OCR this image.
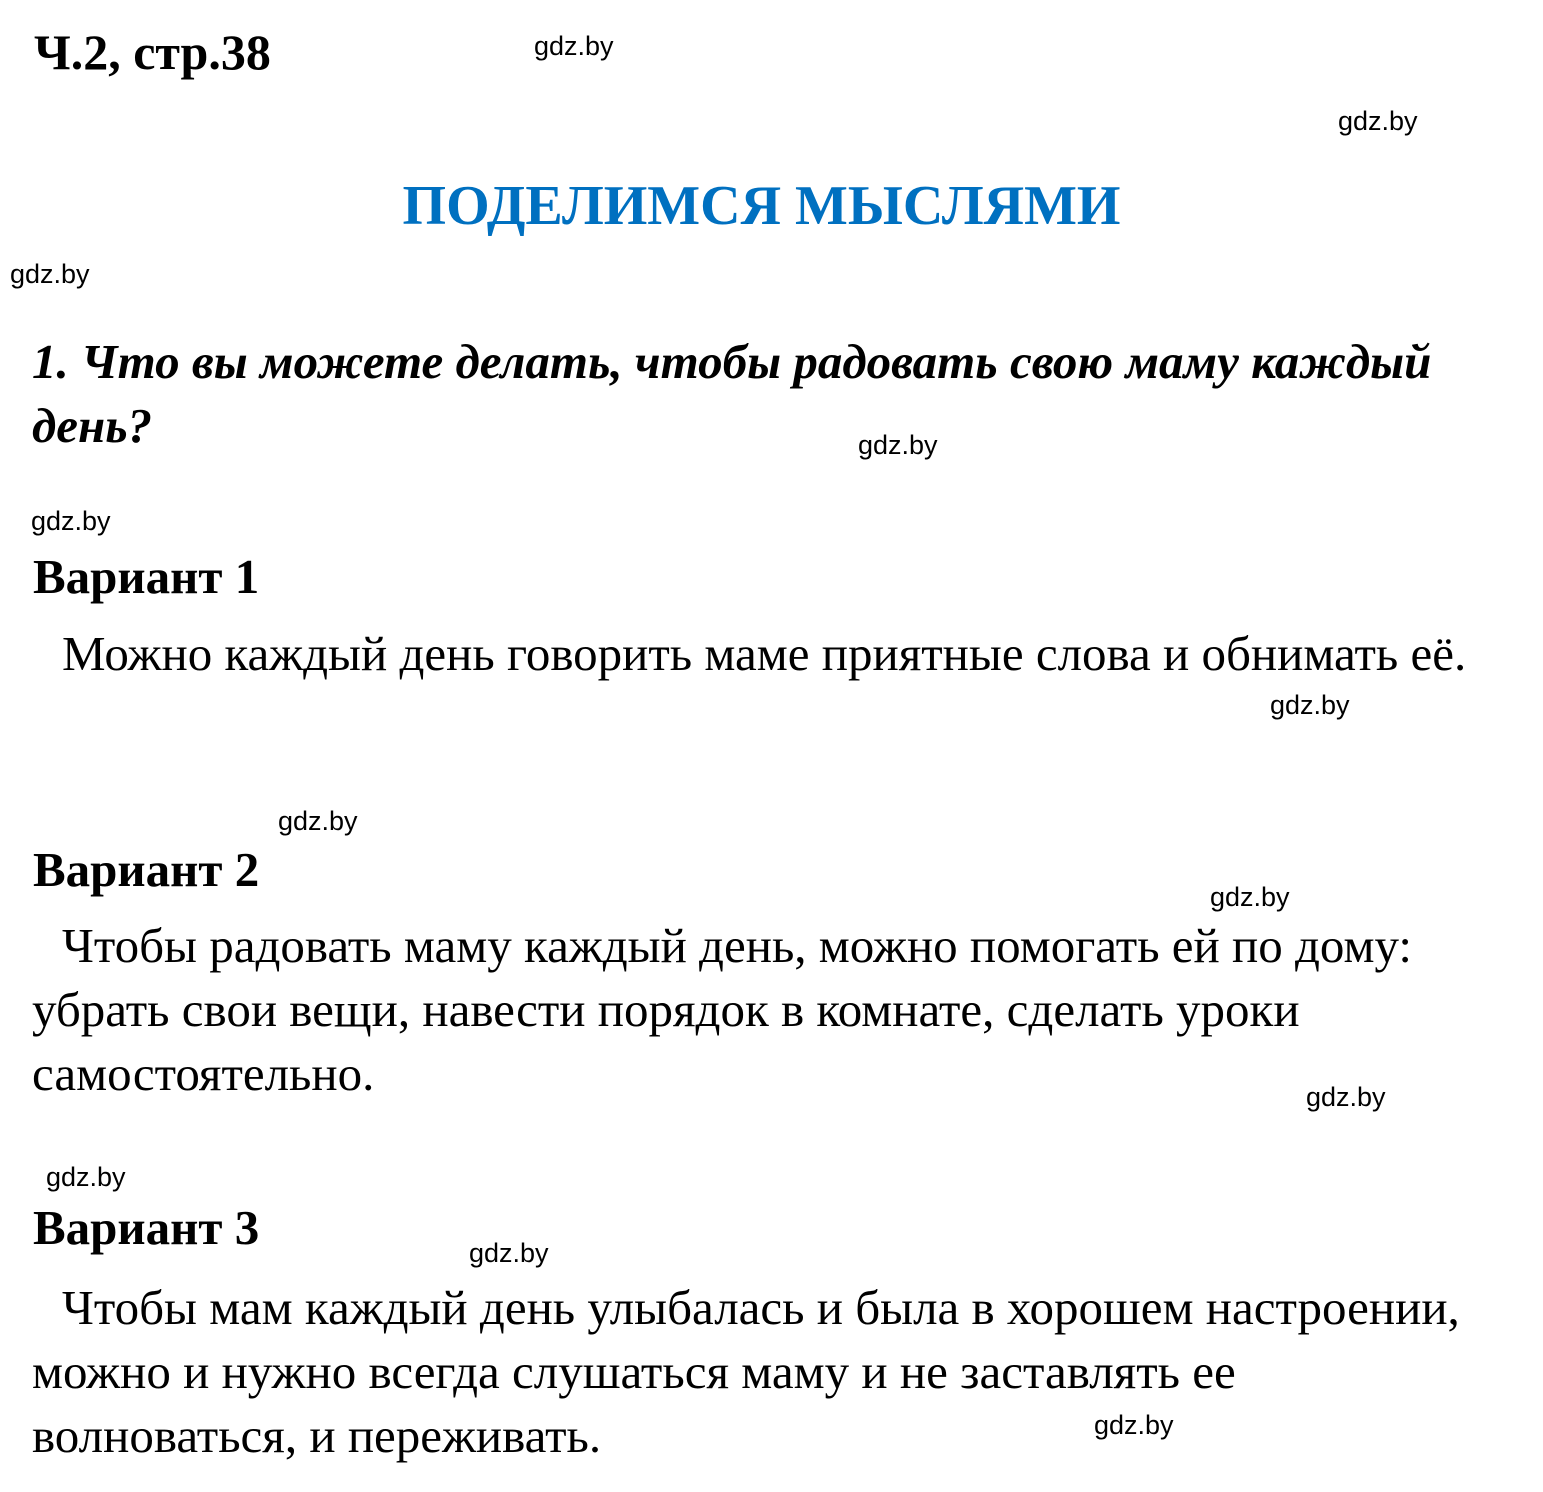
Ч.2, стр.38
ПОДЕЛИМСЯ МЫСЛЯМИ
1. Что вы можете делать, чтобы радовать свою маму каждый день?
Вариант 1
Можно каждый день говорить маме приятные слова и обнимать её.
Вариант 2
Чтобы радовать маму каждый день, можно помогать ей по дому: убрать свои вещи, навести порядок в комнате, сделать уроки самостоятельно.
Вариант 3
Чтобы мам каждый день улыбалась и была в хорошем настроении, можно и нужно всегда слушаться маму и не заставлять ее волноваться, и переживать.
gdz.by
gdz.by
gdz.by
gdz.by
gdz.by
gdz.by
gdz.by
gdz.by
gdz.by
gdz.by
gdz.by
gdz.by
